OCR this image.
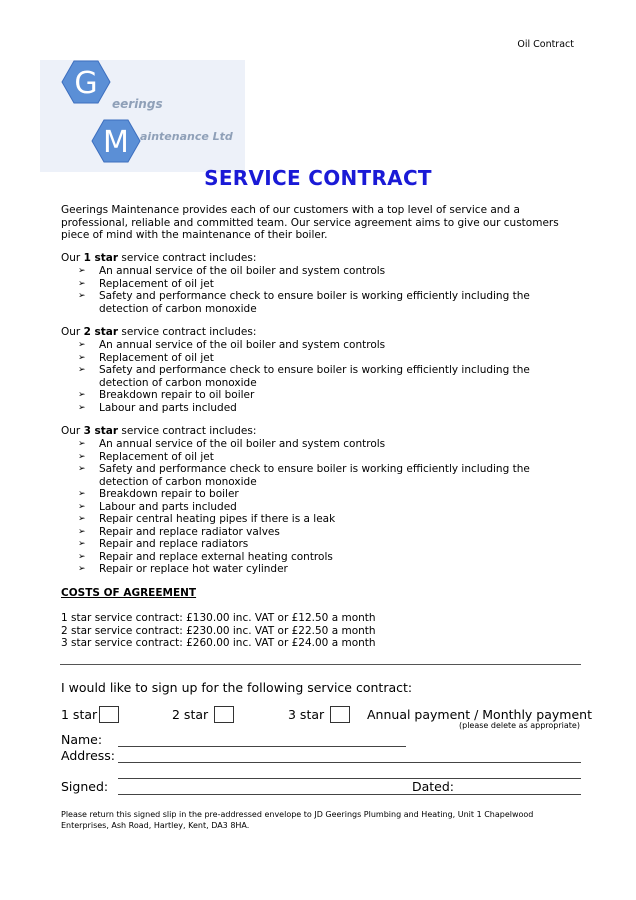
Oil Contract
G
M
eerings
aintenance Ltd
SERVICE CONTRACT
Geerings Maintenance provides each of our customers with a top level of service and a professional, reliable and committed team. Our service agreement aims to give our customers piece of mind with the maintenance of their boiler.
Our 1 star service contract includes:
➢ An annual service of the oil boiler and system controls
➢ Replacement of oil jet
➢ Safety and performance check to ensure boiler is working efficiently including the detection of carbon monoxide
Our 2 star service contract includes:
➢ An annual service of the oil boiler and system controls
➢ Replacement of oil jet
➢ Safety and performance check to ensure boiler is working efficiently including the detection of carbon monoxide
➢ Breakdown repair to oil boiler
➢ Labour and parts included
Our 3 star service contract includes:
➢ An annual service of the oil boiler and system controls
➢ Replacement of oil jet
➢ Safety and performance check to ensure boiler is working efficiently including the detection of carbon monoxide
➢ Breakdown repair to boiler
➢ Labour and parts included
➢ Repair central heating pipes if there is a leak
➢ Repair and replace radiator valves
➢ Repair and replace radiators
➢ Repair and replace external heating controls
➢ Repair or replace hot water cylinder
COSTS OF AGREEMENT
1 star service contract: £130.00 inc. VAT or £12.50 a month
2 star service contract: £230.00 inc. VAT or £22.50 a month
3 star service contract: £260.00 inc. VAT or £24.00 a month
I would like to sign up for the following service contract:
1 star	2 star	3 star	Annual payment / Monthly payment
(please delete as appropriate)
Name:
Address:
Signed:	Dated:
Please return this signed slip in the pre-addressed envelope to JD Geerings Plumbing and Heating, Unit 1 Chapelwood Enterprises, Ash Road, Hartley, Kent, DA3 8HA.
